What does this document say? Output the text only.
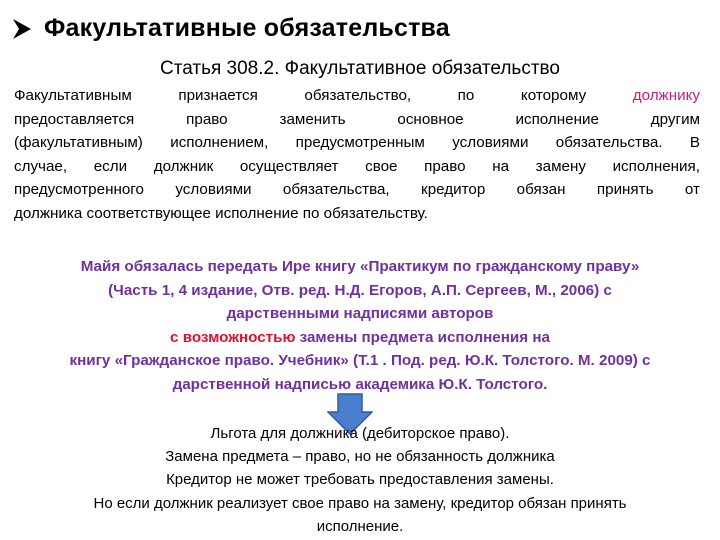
Факультативные обязательства
Статья 308.2. Факультативное обязательство
Факультативным признается обязательство, по которому должнику
предоставляется право заменить основное исполнение другим
(факультативным) исполнением, предусмотренным условиями обязательства. В
случае, если должник осуществляет свое право на замену исполнения,
предусмотренного условиями обязательства, кредитор обязан принять от
должника соответствующее исполнение по обязательству.
Майя обязалась передать Ире книгу «Практикум по гражданскому праву»
(Часть 1, 4 издание, Отв. ред. Н.Д. Егоров, А.П. Сергеев, М., 2006) с
дарственными надписями авторов
с возможностью замены предмета исполнения на
книгу «Гражданское право. Учебник» (Т.1 . Под. ред. Ю.К. Толстого. М. 2009) с
дарственной надписью академика Ю.К. Толстого.
Льгота для должника (дебиторское право).
Замена предмета – право, но не обязанность должника
Кредитор не может требовать предоставления замены.
Но если должник реализует свое право на замену, кредитор обязан принять
исполнение.
